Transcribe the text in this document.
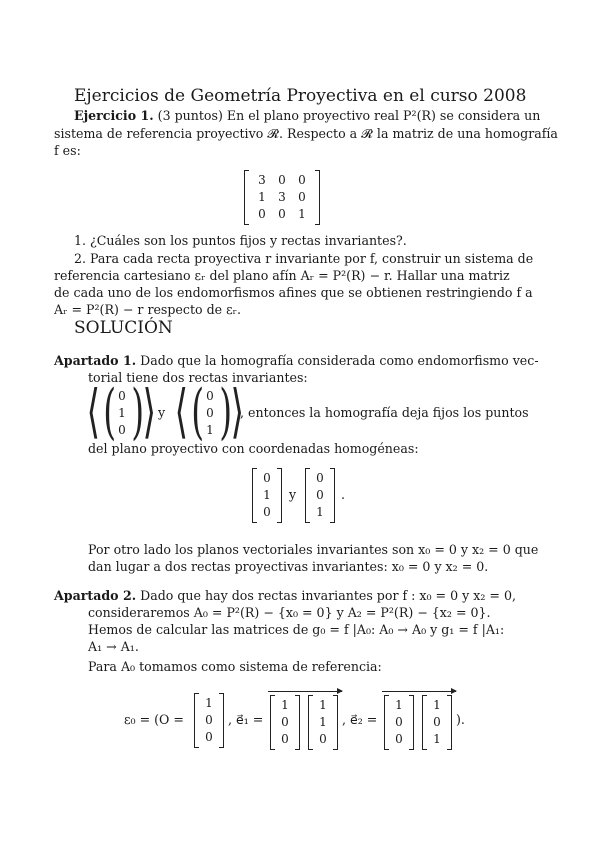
Ejercicios de Geometría Proyectiva en el curso 2008
Ejercicio 1. (3 puntos) En el plano proyectivo real P²(R) se considera un
sistema de referencia proyectivo 𝓡. Respecto a 𝓡 la matriz de una homografía
f es:
3	0	0
1	3	0
0	0	1
1. ¿Cuáles son los puntos fijos y rectas invariantes?.
2. Para cada recta proyectiva r invariante por f, construir un sistema de
referencia cartesiano εᵣ del plano afín Aᵣ = P²(R) − r. Hallar una matriz
de cada uno de los endomorfismos afines que se obtienen restringiendo f a
Aᵣ = P²(R) − r respecto de εᵣ.
SOLUCIÓN
Apartado 1. Dado que la homografía considerada como endomorfismo vec-
torial tiene dos rectas invariantes:
⟨ ( 0
1
0 )
⟩ y ⟨ ( 0
0
1 )
⟩
, entonces la homografía deja fijos los puntos
del plano proyectivo con coordenadas homogéneas:
0
1
0
y
0
0
1
.
Por otro lado los planos vectoriales invariantes son x₀ = 0 y x₂ = 0 que
dan lugar a dos rectas proyectivas invariantes: x₀ = 0 y x₂ = 0.
Apartado 2. Dado que hay dos rectas invariantes por f : x₀ = 0 y x₂ = 0,
consideraremos A₀ = P²(R) − {x₀ = 0} y A₂ = P²(R) − {x₂ = 0}.
Hemos de calcular las matrices de g₀ = f |A₀: A₀ → A₀ y g₁ = f |A₁:
A₁ → A₁.
Para A₀ tomamos como sistema de referencia:
ε₀ = (O =
1
0
0
, e⃗₁ =
1
0
0
1
1
0
, e⃗₂ =
1
0
0
1
0
1
).
